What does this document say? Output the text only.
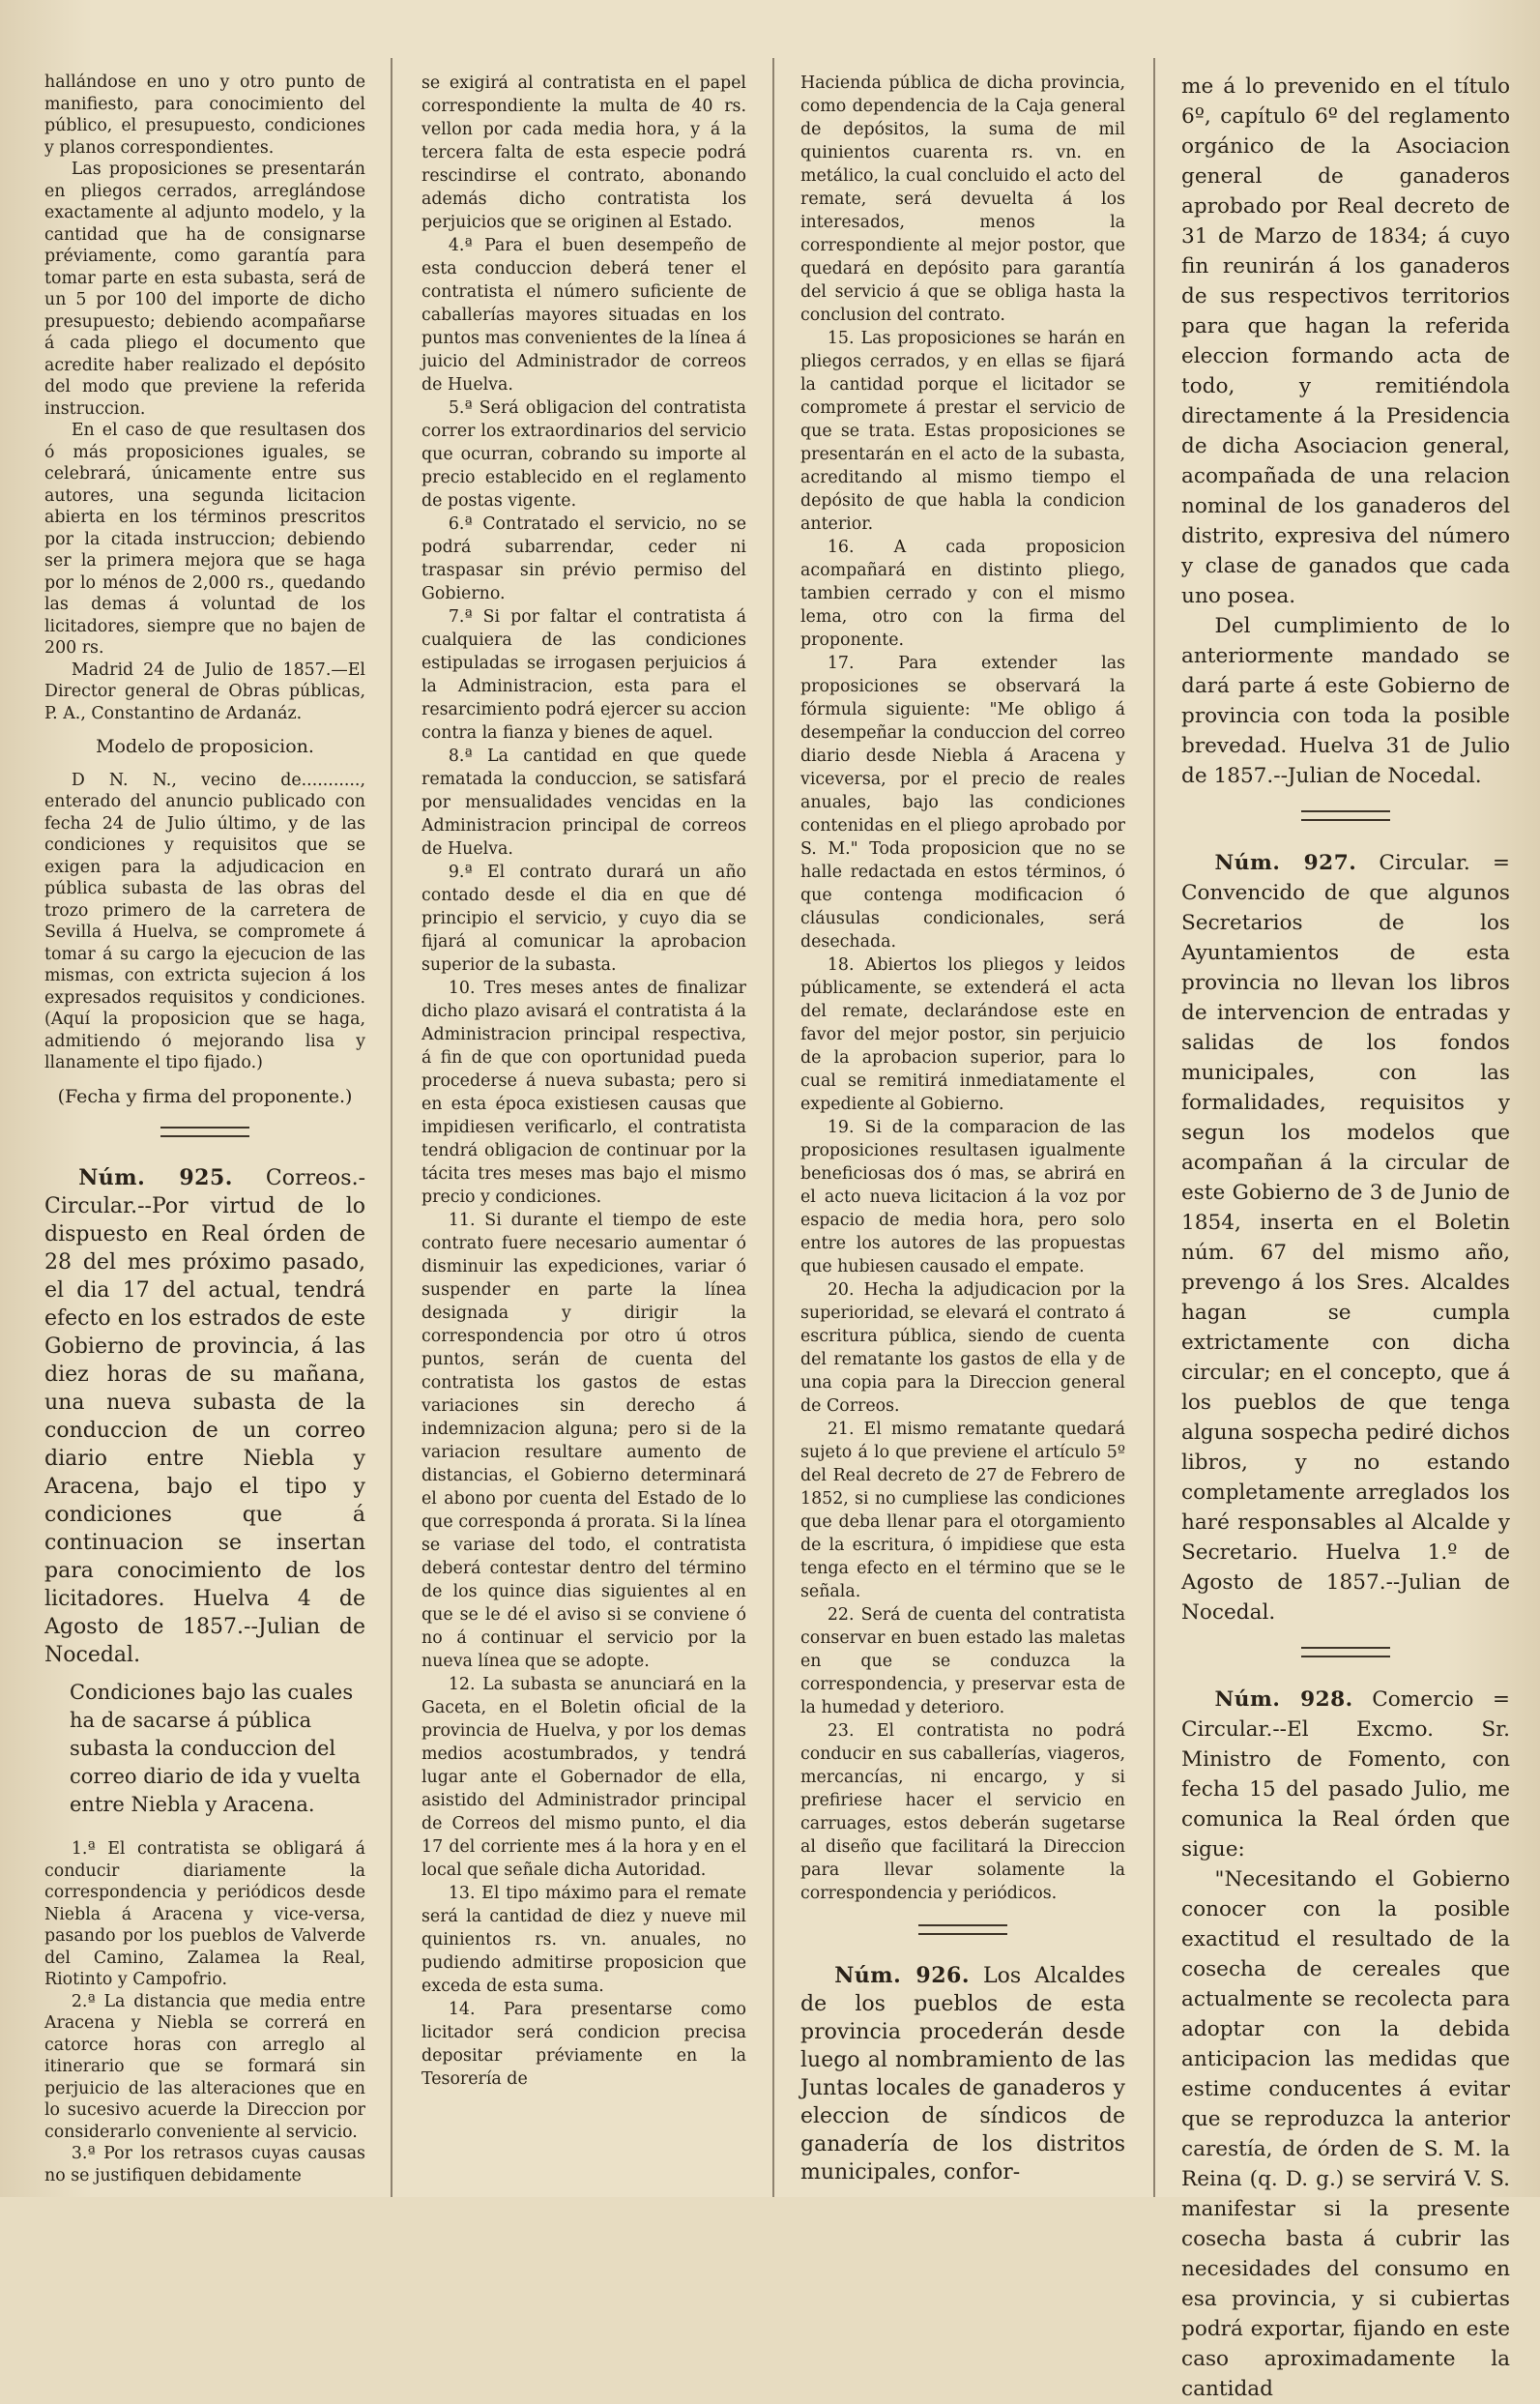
hallándose en uno y otro punto de manifiesto, para conocimiento del público, el presupuesto, condiciones y planos correspondientes.

Las proposiciones se presentarán en pliegos cerrados, arreglándose exactamente al adjunto modelo, y la cantidad que ha de consignarse préviamente, como garantía para tomar parte en esta subasta, será de un 5 por 100 del importe de dicho presupuesto; debiendo acompañarse á cada pliego el documento que acredite haber realizado el depósito del modo que previene la referida instruccion.

En el caso de que resultasen dos ó más proposiciones iguales, se celebrará, únicamente entre sus autores, una segunda licitacion abierta en los términos prescritos por la citada instruccion; debiendo ser la primera mejora que se haga por lo ménos de 2,000 rs., quedando las demas á voluntad de los licitadores, siempre que no bajen de 200 rs.

Madrid 24 de Julio de 1857.—El Director general de Obras públicas, P. A., Constantino de Ardanáz.

Modelo de proposicion.

D N. N., vecino de..........., enterado del anuncio publicado con fecha 24 de Julio último, y de las condiciones y requisitos que se exigen para la adjudicacion en pública subasta de las obras del trozo primero de la carretera de Sevilla á Huelva, se compromete á tomar á su cargo la ejecucion de las mismas, con extricta sujecion á los expresados requisitos y condiciones. (Aquí la proposicion que se haga, admitiendo ó mejorando lisa y llanamente el tipo fijado.)

(Fecha y firma del proponente.)

Núm. 925. Correos.-Circular.--Por virtud de lo dispuesto en Real órden de 28 del mes próximo pasado, el dia 17 del actual, tendrá efecto en los estrados de este Gobierno de provincia, á las diez horas de su mañana, una nueva subasta de la conduccion de un correo diario entre Niebla y Aracena, bajo el tipo y condiciones que á continuacion se insertan para conocimiento de los licitadores. Huelva 4 de Agosto de 1857.--Julian de Nocedal.

Condiciones bajo las cuales ha de sacarse á pública subasta la conduccion del correo diario de ida y vuelta entre Niebla y Aracena.

1.ª El contratista se obligará á conducir diariamente la correspondencia y periódicos desde Niebla á Aracena y vice-versa, pasando por los pueblos de Valverde del Camino, Zalamea la Real, Riotinto y Campofrio.

2.ª La distancia que media entre Aracena y Niebla se correrá en catorce horas con arreglo al itinerario que se formará sin perjuicio de las alteraciones que en lo sucesivo acuerde la Direccion por considerarlo conveniente al servicio.

3.ª Por los retrasos cuyas causas no se justifiquen debidamente

se exigirá al contratista en el papel correspondiente la multa de 40 rs. vellon por cada media hora, y á la tercera falta de esta especie podrá rescindirse el contrato, abonando además dicho contratista los perjuicios que se originen al Estado.

4.ª Para el buen desempeño de esta conduccion deberá tener el contratista el número suficiente de caballerías mayores situadas en los puntos mas convenientes de la línea á juicio del Administrador de correos de Huelva.

5.ª Será obligacion del contratista correr los extraordinarios del servicio que ocurran, cobrando su importe al precio establecido en el reglamento de postas vigente.

6.ª Contratado el servicio, no se podrá subarrendar, ceder ni traspasar sin prévio permiso del Gobierno.

7.ª Si por faltar el contratista á cualquiera de las condiciones estipuladas se irrogasen perjuicios á la Administracion, esta para el resarcimiento podrá ejercer su accion contra la fianza y bienes de aquel.

8.ª La cantidad en que quede rematada la conduccion, se satisfará por mensualidades vencidas en la Administracion principal de correos de Huelva.

9.ª El contrato durará un año contado desde el dia en que dé principio el servicio, y cuyo dia se fijará al comunicar la aprobacion superior de la subasta.

10. Tres meses antes de finalizar dicho plazo avisará el contratista á la Administracion principal respectiva, á fin de que con oportunidad pueda procederse á nueva subasta; pero si en esta época existiesen causas que impidiesen verificarlo, el contratista tendrá obligacion de continuar por la tácita tres meses mas bajo el mismo precio y condiciones.

11. Si durante el tiempo de este contrato fuere necesario aumentar ó disminuir las expediciones, variar ó suspender en parte la línea designada y dirigir la correspondencia por otro ú otros puntos, serán de cuenta del contratista los gastos de estas variaciones sin derecho á indemnizacion alguna; pero si de la variacion resultare aumento de distancias, el Gobierno determinará el abono por cuenta del Estado de lo que corresponda á prorata. Si la línea se variase del todo, el contratista deberá contestar dentro del término de los quince dias siguientes al en que se le dé el aviso si se conviene ó no á continuar el servicio por la nueva línea que se adopte.

12. La subasta se anunciará en la Gaceta, en el Boletin oficial de la provincia de Huelva, y por los demas medios acostumbrados, y tendrá lugar ante el Gobernador de ella, asistido del Administrador principal de Correos del mismo punto, el dia 17 del corriente mes á la hora y en el local que señale dicha Autoridad.

13. El tipo máximo para el remate será la cantidad de diez y nueve mil quinientos rs. vn. anuales, no pudiendo admitirse proposicion que exceda de esta suma.

14. Para presentarse como licitador será condicion precisa depositar préviamente en la Tesorería de

Hacienda pública de dicha provincia, como dependencia de la Caja general de depósitos, la suma de mil quinientos cuarenta rs. vn. en metálico, la cual concluido el acto del remate, será devuelta á los interesados, menos la correspondiente al mejor postor, que quedará en depósito para garantía del servicio á que se obliga hasta la conclusion del contrato.

15. Las proposiciones se harán en pliegos cerrados, y en ellas se fijará la cantidad porque el licitador se compromete á prestar el servicio de que se trata. Estas proposiciones se presentarán en el acto de la subasta, acreditando al mismo tiempo el depósito de que habla la condicion anterior.

16. A cada proposicion acompañará en distinto pliego, tambien cerrado y con el mismo lema, otro con la firma del proponente.

17. Para extender las proposiciones se observará la fórmula siguiente: "Me obligo á desempeñar la conduccion del correo diario desde Niebla á Aracena y viceversa, por el precio de reales anuales, bajo las condiciones contenidas en el pliego aprobado por S. M." Toda proposicion que no se halle redactada en estos términos, ó que contenga modificacion ó cláusulas condicionales, será desechada.

18. Abiertos los pliegos y leidos públicamente, se extenderá el acta del remate, declarándose este en favor del mejor postor, sin perjuicio de la aprobacion superior, para lo cual se remitirá inmediatamente el expediente al Gobierno.

19. Si de la comparacion de las proposiciones resultasen igualmente beneficiosas dos ó mas, se abrirá en el acto nueva licitacion á la voz por espacio de media hora, pero solo entre los autores de las propuestas que hubiesen causado el empate.

20. Hecha la adjudicacion por la superioridad, se elevará el contrato á escritura pública, siendo de cuenta del rematante los gastos de ella y de una copia para la Direccion general de Correos.

21. El mismo rematante quedará sujeto á lo que previene el artículo 5º del Real decreto de 27 de Febrero de 1852, si no cumpliese las condiciones que deba llenar para el otorgamiento de la escritura, ó impidiese que esta tenga efecto en el término que se le señala.

22. Será de cuenta del contratista conservar en buen estado las maletas en que se conduzca la correspondencia, y preservar esta de la humedad y deterioro.

23. El contratista no podrá conducir en sus caballerías, viageros, mercancías, ni encargo, y si prefiriese hacer el servicio en carruages, estos deberán sugetarse al diseño que facilitará la Direccion para llevar solamente la correspondencia y periódicos.

Núm. 926. Los Alcaldes de los pueblos de esta provincia procederán desde luego al nombramiento de las Juntas locales de ganaderos y eleccion de síndicos de ganadería de los distritos municipales, confor-

me á lo prevenido en el título 6º, capítulo 6º del reglamento orgánico de la Asociacion general de ganaderos aprobado por Real decreto de 31 de Marzo de 1834; á cuyo fin reunirán á los ganaderos de sus respectivos territorios para que hagan la referida eleccion formando acta de todo, y remitiéndola directamente á la Presidencia de dicha Asociacion general, acompañada de una relacion nominal de los ganaderos del distrito, expresiva del número y clase de ganados que cada uno posea.

Del cumplimiento de lo anteriormente mandado se dará parte á este Gobierno de provincia con toda la posible brevedad. Huelva 31 de Julio de 1857.--Julian de Nocedal.

Núm. 927. Circular. = Convencido de que algunos Secretarios de los Ayuntamientos de esta provincia no llevan los libros de intervencion de entradas y salidas de los fondos municipales, con las formalidades, requisitos y segun los modelos que acompañan á la circular de este Gobierno de 3 de Junio de 1854, inserta en el Boletin núm. 67 del mismo año, prevengo á los Sres. Alcaldes hagan se cumpla extrictamente con dicha circular; en el concepto, que á los pueblos de que tenga alguna sospecha pediré dichos libros, y no estando completamente arreglados los haré responsables al Alcalde y Secretario. Huelva 1.º de Agosto de 1857.--Julian de Nocedal.

Núm. 928. Comercio = Circular.--El Excmo. Sr. Ministro de Fomento, con fecha 15 del pasado Julio, me comunica la Real órden que sigue:

"Necesitando el Gobierno conocer con la posible exactitud el resultado de la cosecha de cereales que actualmente se recolecta para adoptar con la debida anticipacion las medidas que estime conducentes á evitar que se reproduzca la anterior carestía, de órden de S. M. la Reina (q. D. g.) se servirá V. S. manifestar si la presente cosecha basta á cubrir las necesidades del consumo en esa provincia, y si cubiertas podrá exportar, fijando en este caso aproximadamente la cantidad
